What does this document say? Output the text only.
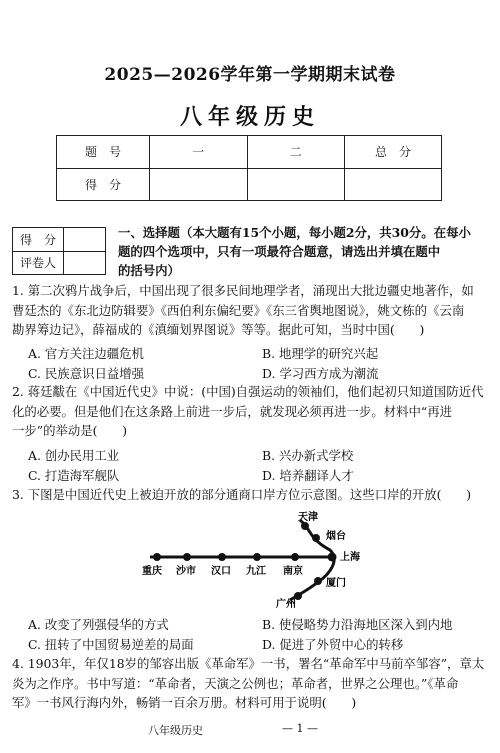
2025—2026学年第一学期期末试卷
八年级历史
题　号	一	二	总　分
得　分			
得　分	
评卷人	
一、选择题（本大题有15个小题，每小题2分，共30分。在每小
题的四个选项中，只有一项最符合题意，请选出并填在题中
的括号内）
1. 第二次鸦片战争后，中国出现了很多民间地理学者，涌现出大批边疆史地著作，如
曹廷杰的《东北边防辑要》《西伯利东偏纪要》《东三省舆地图说》，姚文栋的《云南
勘界筹边记》，薛福成的《滇缅划界图说》等等。据此可知，当时中国(　　)
A. 官方关注边疆危机	B. 地理学的研究兴起
C. 民族意识日益增强	D. 学习西方成为潮流
2. 蒋廷黻在《中国近代史》中说：(中国)自强运动的领袖们，他们起初只知道国防近代
化的必要。但是他们在这条路上前进一步后，就发现必须再进一步。材料中“再进
一步”的举动是(　　)
A. 创办民用工业	B. 兴办新式学校
C. 打造海军舰队	D. 培养翻译人才
3. 下图是中国近代史上被迫开放的部分通商口岸方位示意图。这些口岸的开放(　　)
重庆 沙市 汉口 九江 南京
上海
天津
烟台
厦门
广州
A. 改变了列强侵华的方式	B. 使侵略势力沿海地区深入到内地
C. 扭转了中国贸易逆差的局面	D. 促进了外贸中心的转移
4. 1903年，年仅18岁的邹容出版《革命军》一书，署名“革命军中马前卒邹容”，章太
炎为之作序。书中写道：“革命者，天演之公例也；革命者，世界之公理也。”《革命
军》一书风行海内外，畅销一百余万册。材料可用于说明(　　)
八年级历史	— 1 —
